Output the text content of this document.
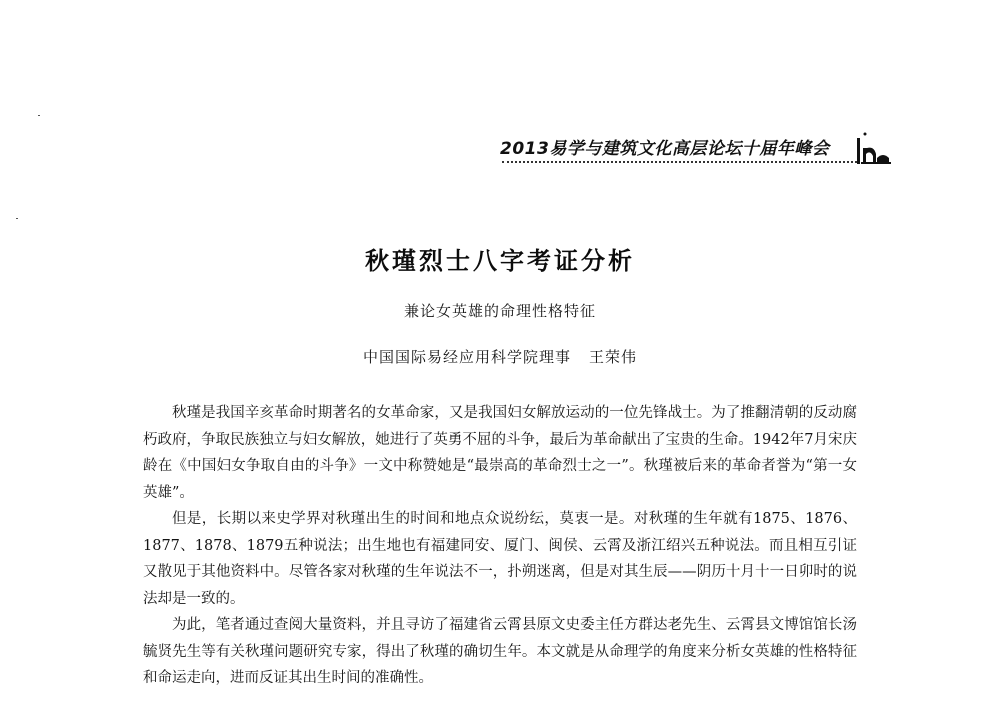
2013易学与建筑文化高层论坛十届年峰会
秋瑾烈士八字考证分析
兼论女英雄的命理性格特征
中国国际易经应用科学院理事 王荣伟

秋瑾是我国辛亥革命时期著名的女革命家，又是我国妇女解放运动的一位先锋战士。为了推翻清朝的反动腐朽政府，争取民族独立与妇女解放，她进行了英勇不屈的斗争，最后为革命献出了宝贵的生命。1942年7月宋庆龄在《中国妇女争取自由的斗争》一文中称赞她是“最崇高的革命烈士之一”。秋瑾被后来的革命者誉为“第一女英雄”。

但是，长期以来史学界对秋瑾出生的时间和地点众说纷纭，莫衷一是。对秋瑾的生年就有1875、1876、1877、1878、1879五种说法；出生地也有福建同安、厦门、闽侯、云霄及浙江绍兴五种说法。而且相互引证又散见于其他资料中。尽管各家对秋瑾的生年说法不一，扑朔迷离，但是对其生辰——阴历十月十一日卯时的说法却是一致的。

为此，笔者通过查阅大量资料，并且寻访了福建省云霄县原文史委主任方群达老先生、云霄县文博馆馆长汤毓贤先生等有关秋瑾问题研究专家，得出了秋瑾的确切生年。本文就是从命理学的角度来分析女英雄的性格特征和命运走向，进而反证其出生时间的准确性。
